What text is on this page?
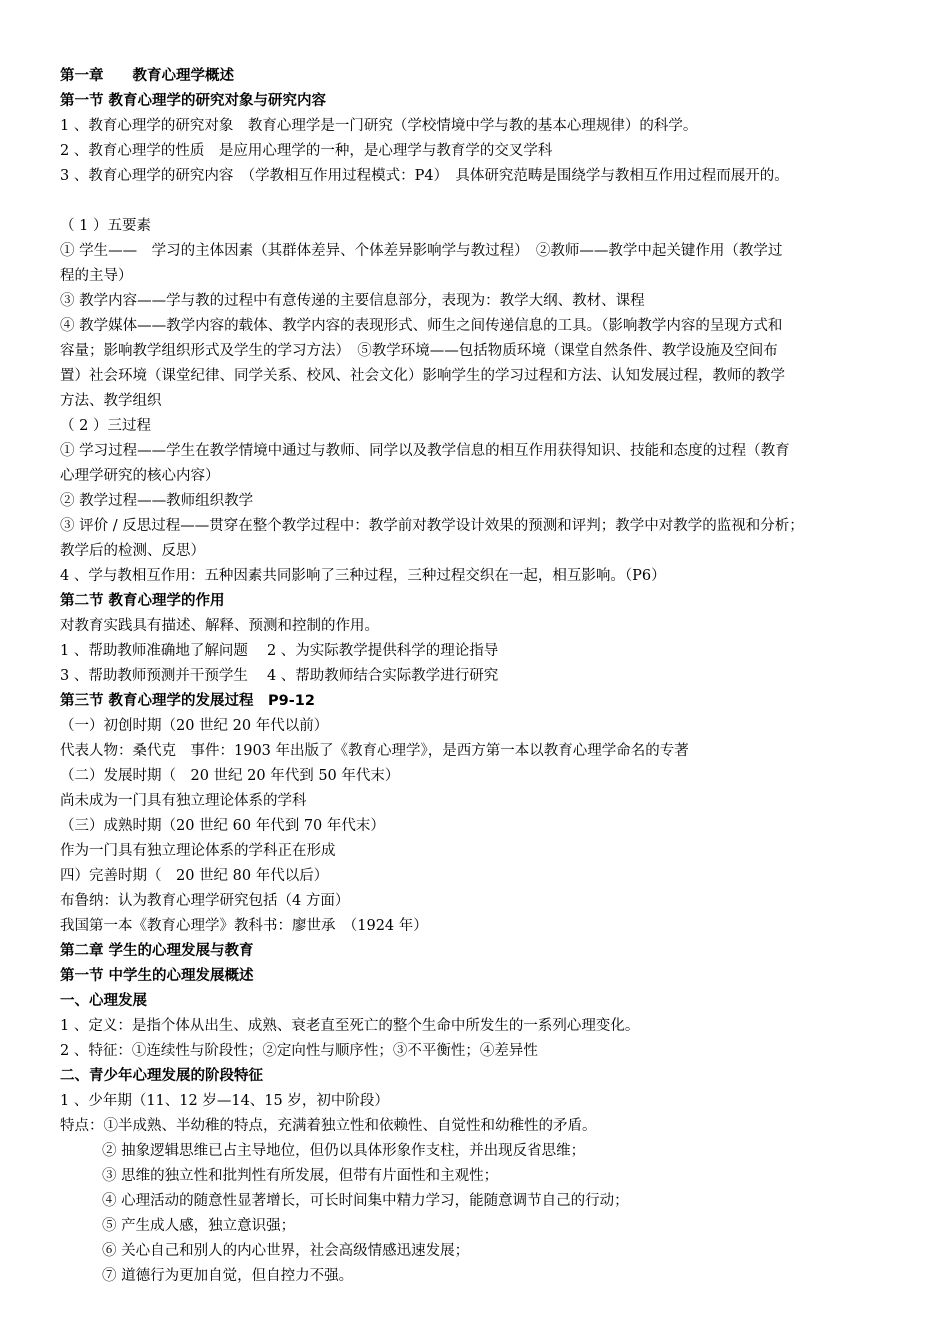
第一章　　教育心理学概述
第一节 教育心理学的研究对象与研究内容
1 、教育心理学的研究对象　教育心理学是一门研究（学校情境中学与教的基本心理规律）的科学。
2 、教育心理学的性质　是应用心理学的一种，是心理学与教育学的交叉学科
3 、教育心理学的研究内容　（学教相互作用过程模式：P4）　具体研究范畴是围绕学与教相互作用过程而展开的。
（ 1 ）五要素
① 学生——　学习的主体因素（其群体差异、个体差异影响学与教过程）　②教师——教学中起关键作用（教学过
程的主导）
③ 教学内容——学与教的过程中有意传递的主要信息部分，表现为：教学大纲、教材、课程
④ 教学媒体——教学内容的载体、教学内容的表现形式、师生之间传递信息的工具。（影响教学内容的呈现方式和
容量；影响教学组织形式及学生的学习方法）　⑤教学环境——包括物质环境（课堂自然条件、教学设施及空间布
置）社会环境（课堂纪律、同学关系、校风、社会文化）影响学生的学习过程和方法、认知发展过程，教师的教学
方法、教学组织
（ 2 ）三过程
① 学习过程——学生在教学情境中通过与教师、同学以及教学信息的相互作用获得知识、技能和态度的过程（教育
心理学研究的核心内容）
② 教学过程——教师组织教学
③ 评价 / 反思过程——贯穿在整个教学过程中：教学前对教学设计效果的预测和评判；教学中对教学的监视和分析；
教学后的检测、反思）
4 、学与教相互作用：五种因素共同影响了三种过程，三种过程交织在一起，相互影响。（P6）
第二节 教育心理学的作用
对教育实践具有描述、解释、预测和控制的作用。
1 、帮助教师准确地了解问题　 2 、为实际教学提供科学的理论指导
3 、帮助教师预测并干预学生　 4 、帮助教师结合实际教学进行研究
第三节 教育心理学的发展过程　P9-12
（一）初创时期（20 世纪 20 年代以前）
代表人物：桑代克　事件：1903 年出版了《教育心理学》，是西方第一本以教育心理学命名的专著
（二）发展时期（　20 世纪 20 年代到 50 年代末）
尚未成为一门具有独立理论体系的学科
（三）成熟时期（20 世纪 60 年代到 70 年代末）
作为一门具有独立理论体系的学科正在形成
四）完善时期（　20 世纪 80 年代以后）
布鲁纳：认为教育心理学研究包括（4 方面）
我国第一本《教育心理学》教科书：廖世承　（1924 年）
第二章 学生的心理发展与教育
第一节 中学生的心理发展概述
一、心理发展
1 、定义：是指个体从出生、成熟、衰老直至死亡的整个生命中所发生的一系列心理变化。
2 、特征：①连续性与阶段性；②定向性与顺序性；③不平衡性；④差异性
二、青少年心理发展的阶段特征
1 、少年期（11、12 岁—14、15 岁，初中阶段）
特点：①半成熟、半幼稚的特点，充满着独立性和依赖性、自觉性和幼稚性的矛盾。
② 抽象逻辑思维已占主导地位，但仍以具体形象作支柱，并出现反省思维；
③ 思维的独立性和批判性有所发展，但带有片面性和主观性；
④ 心理活动的随意性显著增长，可长时间集中精力学习，能随意调节自己的行动；
⑤ 产生成人感，独立意识强；
⑥ 关心自己和别人的内心世界，社会高级情感迅速发展；
⑦ 道德行为更加自觉，但自控力不强。
